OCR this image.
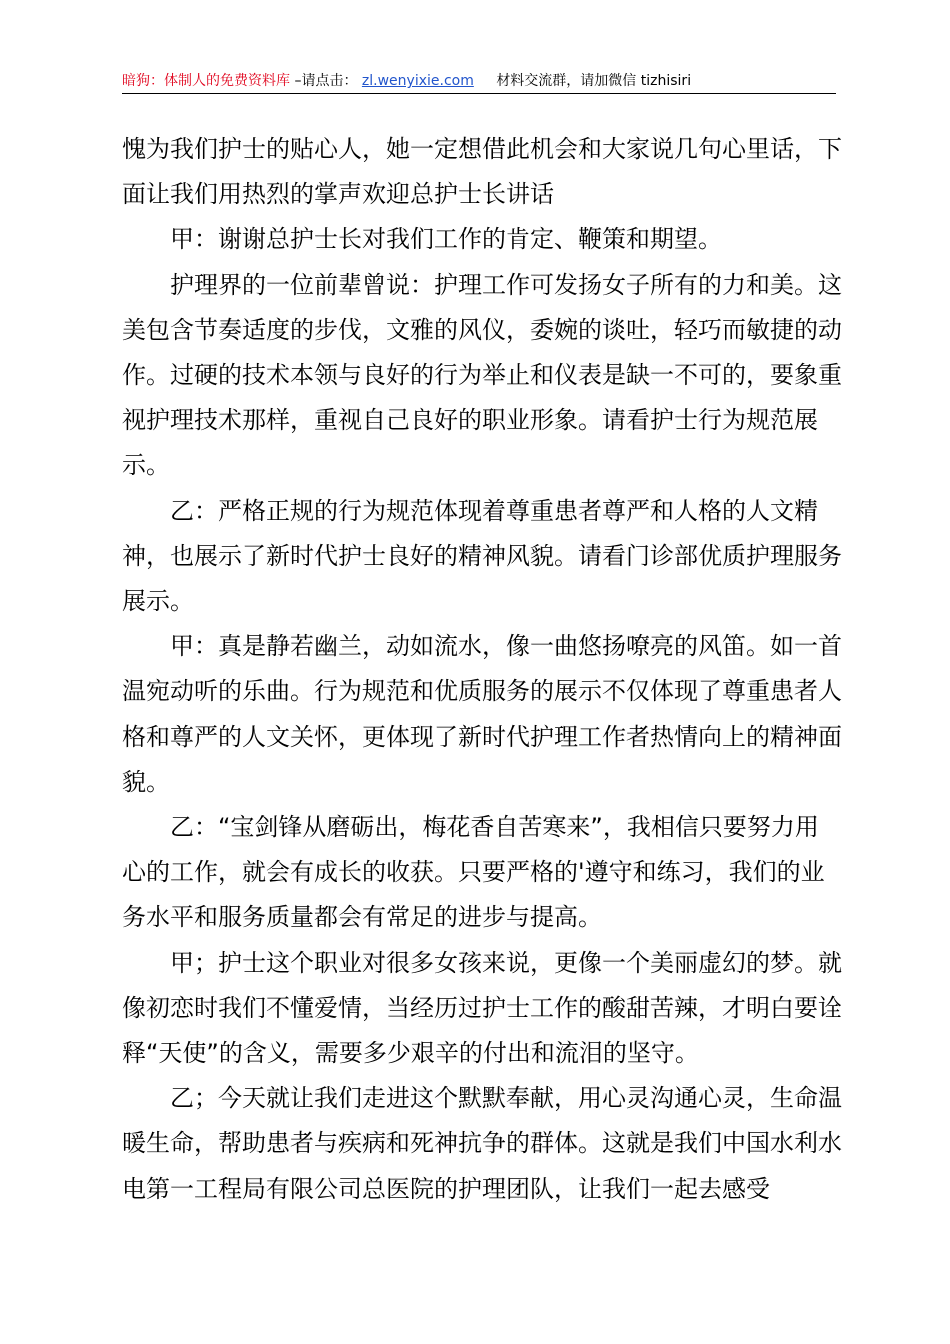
暗狗：体制人的免费资料库 –请点击： zl.wenyixie.com 材料交流群，请加微信 tizhisiri

愧为我们护士的贴心人，她一定想借此机会和大家说几句心里话，下面让我们用热烈的掌声欢迎总护士长讲话

甲：谢谢总护士长对我们工作的肯定、鞭策和期望。

护理界的一位前辈曾说：护理工作可发扬女子所有的力和美。这美包含节奏适度的步伐，文雅的风仪，委婉的谈吐，轻巧而敏捷的动作。过硬的技术本领与良好的行为举止和仪表是缺一不可的，要象重视护理技术那样，重视自己良好的职业形象。请看护士行为规范展示。

乙：严格正规的行为规范体现着尊重患者尊严和人格的人文精神，也展示了新时代护士良好的精神风貌。请看门诊部优质护理服务展示。

甲：真是静若幽兰，动如流水，像一曲悠扬嘹亮的风笛。如一首温宛动听的乐曲。行为规范和优质服务的展示不仅体现了尊重患者人格和尊严的人文关怀，更体现了新时代护理工作者热情向上的精神面貌。

乙：“宝剑锋从磨砺出，梅花香自苦寒来”，我相信只要努力用心的工作，就会有成长的收获。只要严格的'遵守和练习，我们的业务水平和服务质量都会有常足的进步与提高。

甲；护士这个职业对很多女孩来说，更像一个美丽虚幻的梦。就像初恋时我们不懂爱情，当经历过护士工作的酸甜苦辣，才明白要诠释“天使”的含义，需要多少艰辛的付出和流泪的坚守。

乙；今天就让我们走进这个默默奉献，用心灵沟通心灵，生命温暖生命，帮助患者与疾病和死神抗争的群体。这就是我们中国水利水电第一工程局有限公司总医院的护理团队，让我们一起去感受
